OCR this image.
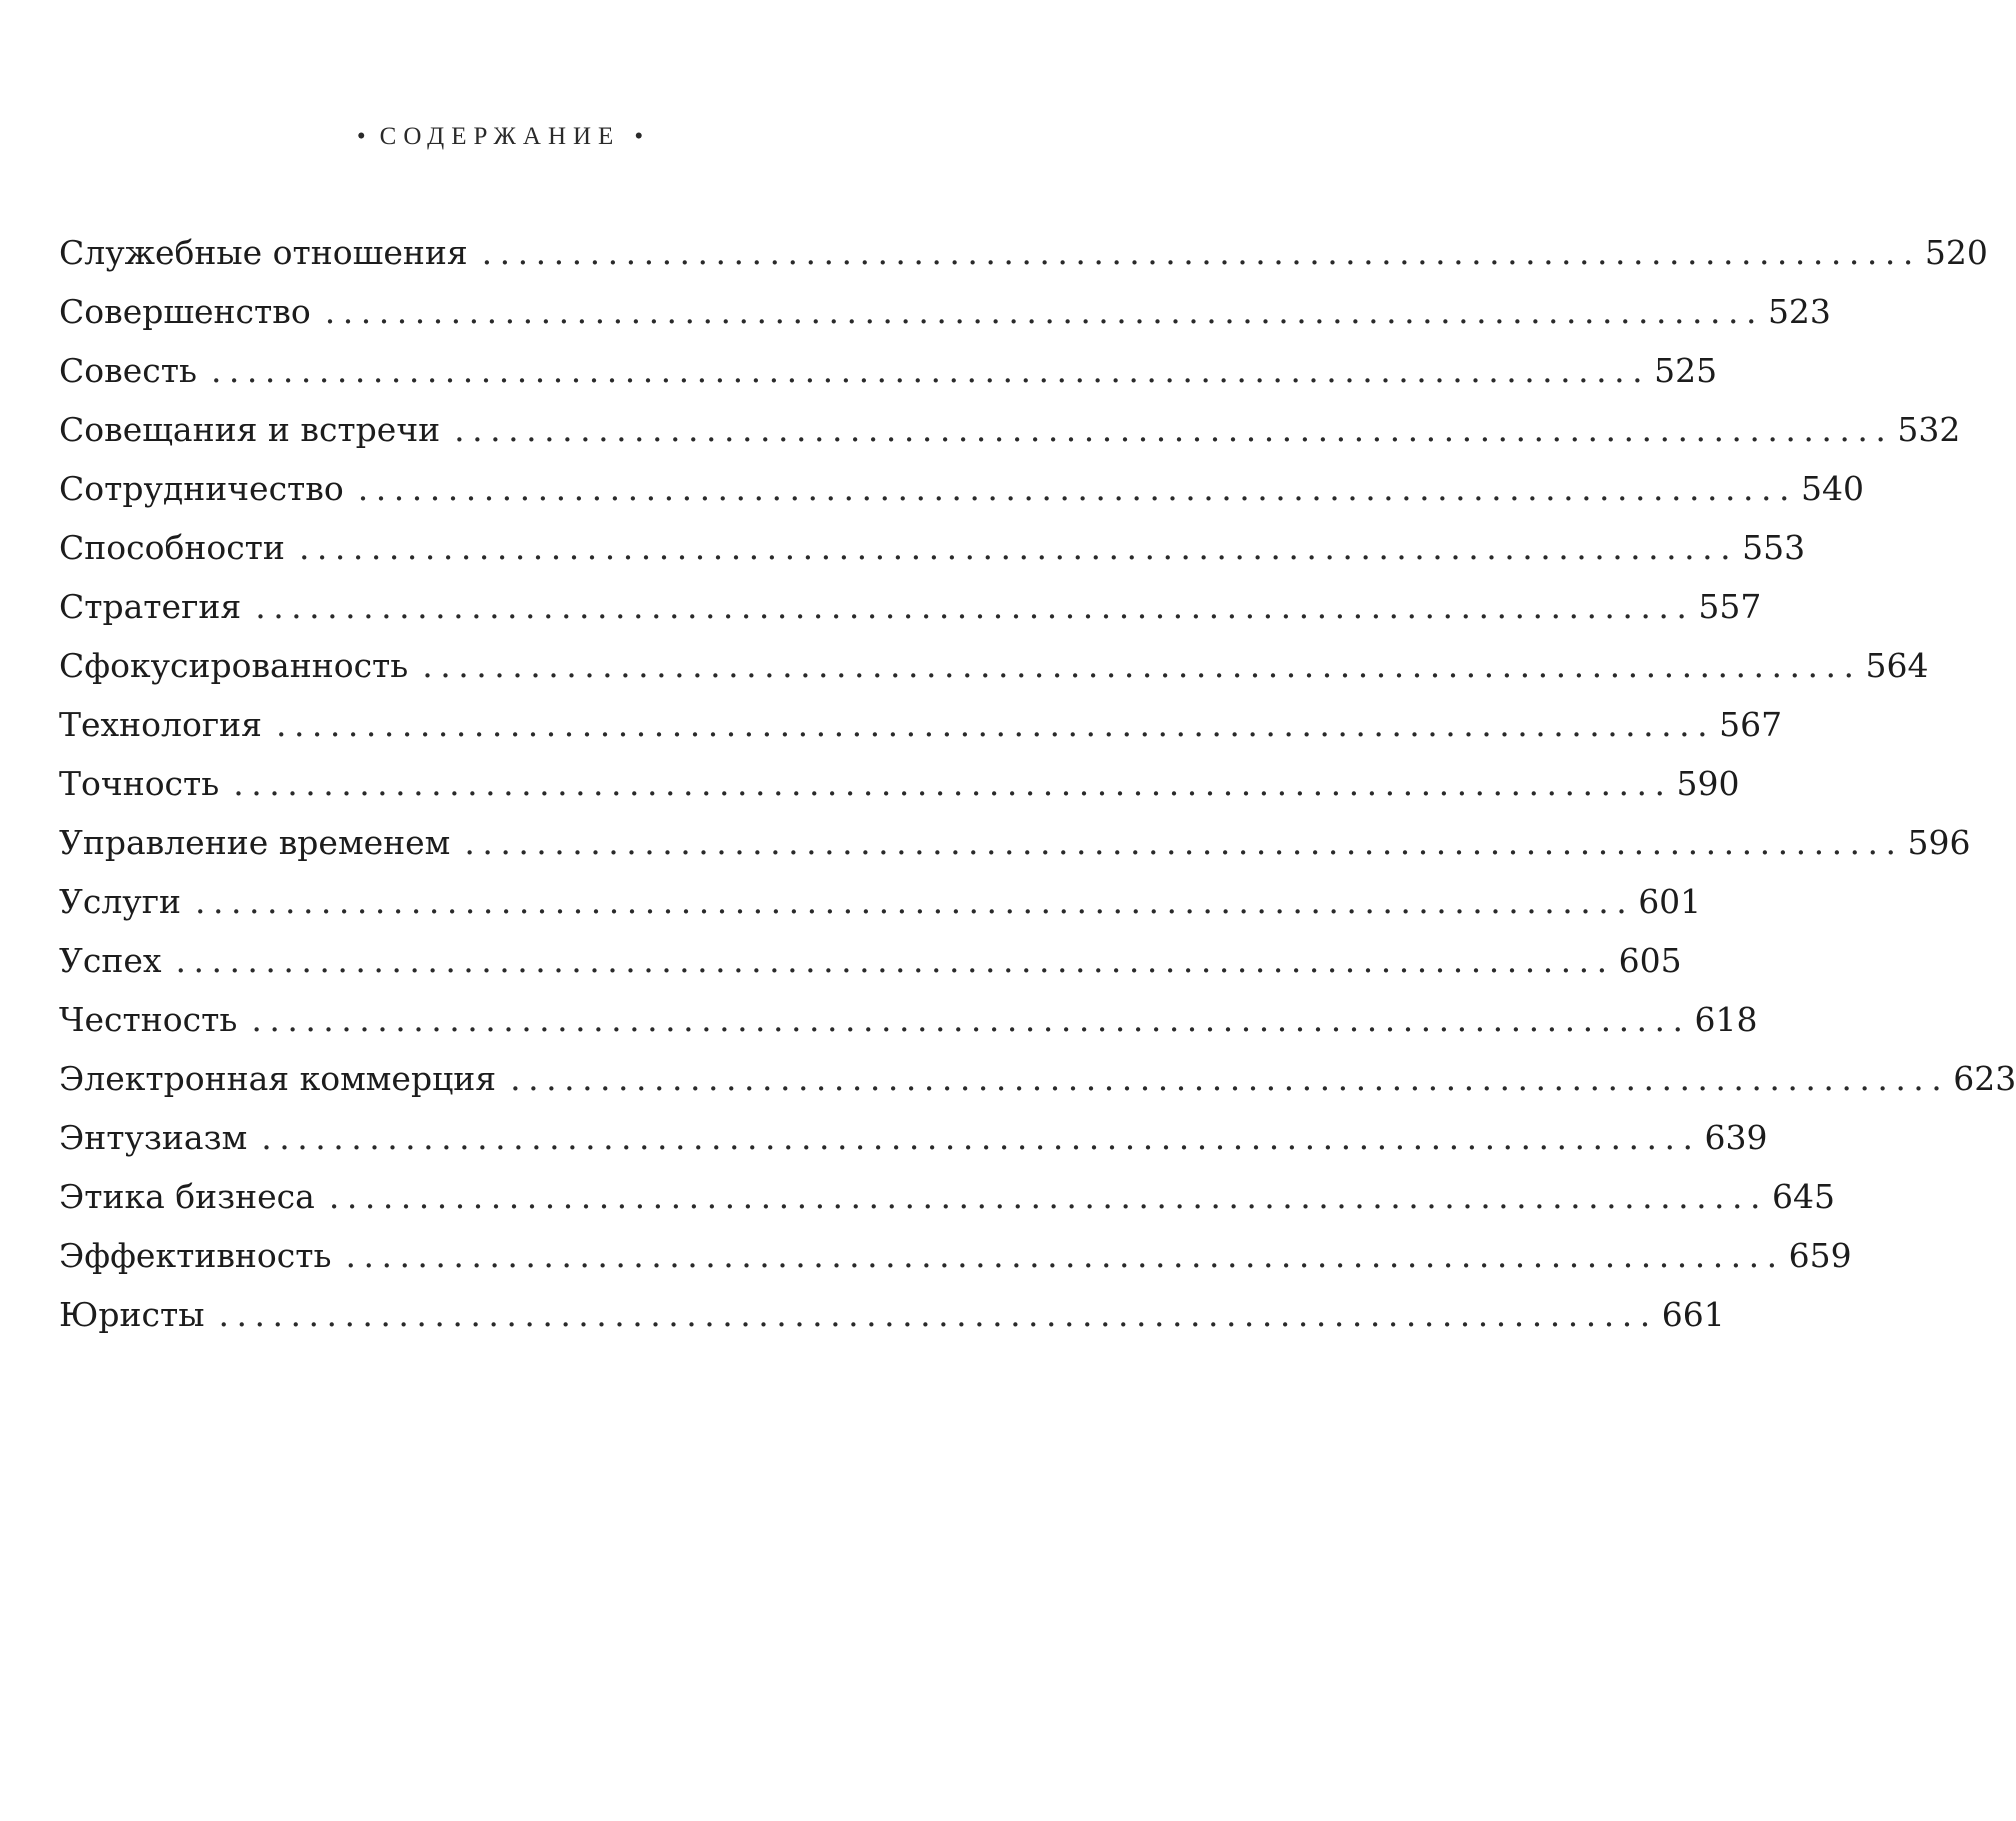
• СОДЕРЖАНИЕ •
Служебные отношения ................................................................................ 520
Совершенство ................................................................................ 523
Совесть ................................................................................ 525
Совещания и встречи ................................................................................ 532
Сотрудничество ................................................................................ 540
Способности ................................................................................ 553
Стратегия ................................................................................ 557
Сфокусированность ................................................................................ 564
Технология ................................................................................ 567
Точность ................................................................................ 590
Управление временем ................................................................................ 596
Услуги ................................................................................ 601
Успех ................................................................................ 605
Честность ................................................................................ 618
Электронная коммерция ................................................................................ 623
Энтузиазм ................................................................................ 639
Этика бизнеса ................................................................................ 645
Эффективность ................................................................................ 659
Юристы ................................................................................ 661
